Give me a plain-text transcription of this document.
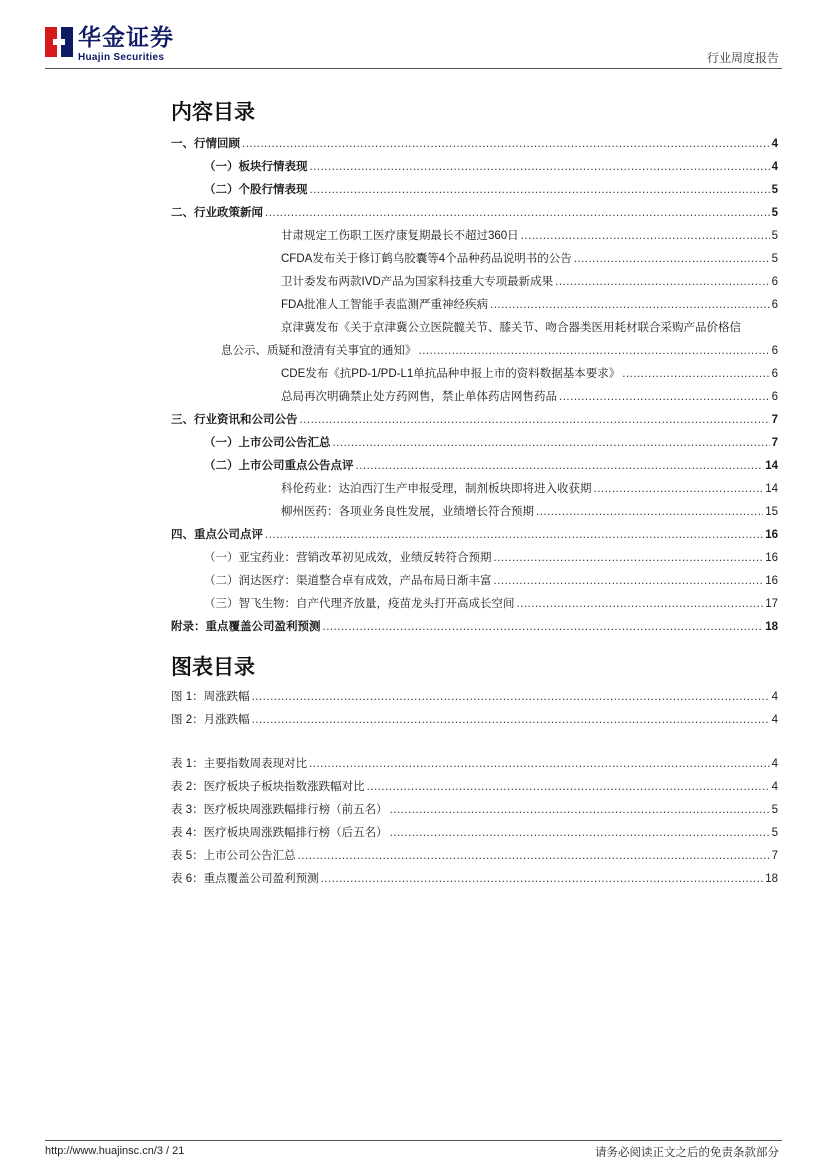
华金证券
Huajin Securities	行业周度报告
内容目录
一、行情回顾 .....	4
（一）板块行情表现 .....	4
（二）个股行情表现 .....	5
二、行业政策新闻 .....	5
甘肃规定工伤职工医疗康复期最长不超过360日 .....	5
CFDA发布关于修订鹤乌胶囊等4个品种药品说明书的公告 .....	5
卫计委发布两款IVD产品为国家科技重大专项最新成果 .....	6
FDA批准人工智能手表监测严重神经疾病 .....	6
京津冀发布《关于京津冀公立医院髋关节、膝关节、吻合器类医用耗材联合采购产品价格信
息公示、质疑和澄清有关事宜的通知》 .....	6
CDE发布《抗PD-1/PD-L1单抗品种申报上市的资料数据基本要求》 .....	6
总局再次明确禁止处方药网售，禁止单体药店网售药品 .....	6
三、行业资讯和公司公告 .....	7
（一）上市公司公告汇总 .....	7
（二）上市公司重点公告点评 .....	14
科伦药业：达泊西汀生产申报受理，制剂板块即将进入收获期 .....	14
柳州医药：各项业务良性发展，业绩增长符合预期 .....	15
四、重点公司点评 .....	16
（一）亚宝药业：营销改革初见成效，业绩反转符合预期 .....	16
（二）润达医疗：渠道整合卓有成效，产品布局日渐丰富 .....	16
（三）智飞生物：自产代理齐放量，疫苗龙头打开高成长空间 .....	17
附录：重点覆盖公司盈利预测 .....	18
图表目录
图 1：周涨跌幅 .....	4
图 2：月涨跌幅 .....	4
表 1：主要指数周表现对比 .....	4
表 2：医疗板块子板块指数涨跌幅对比 .....	4
表 3：医疗板块周涨跌幅排行榜（前五名） .....	5
表 4：医疗板块周涨跌幅排行榜（后五名） .....	5
表 5：上市公司公告汇总 .....	7
表 6：重点覆盖公司盈利预测 .....	18
http://www.huajinsc.cn/3 / 21	请务必阅读正文之后的免责条款部分
